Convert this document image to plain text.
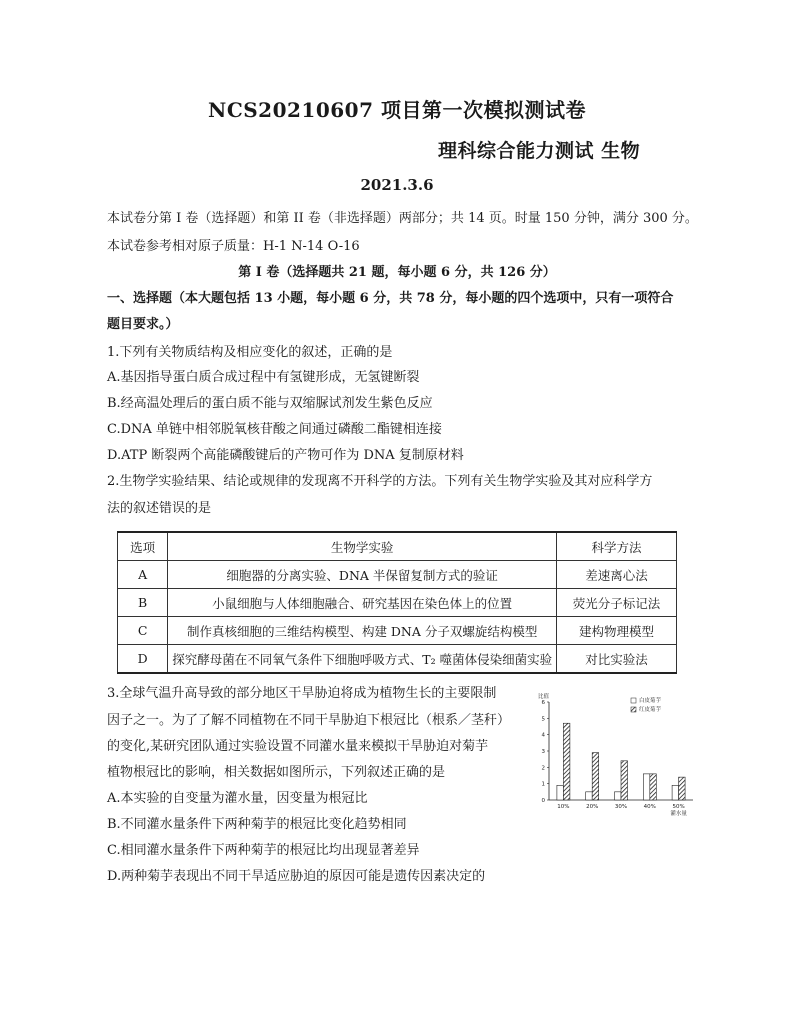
NCS20210607 项目第一次模拟测试卷
理科综合能力测试 生物
2021.3.6
本试卷分第 I 卷（选择题）和第 II 卷（非选择题）两部分；共 14 页。时量 150 分钟，满分 300 分。
本试卷参考相对原子质量：H-1 N-14 O-16
第 I 卷（选择题共 21 题，每小题 6 分，共 126 分）
一、选择题（本大题包括 13 小题，每小题 6 分，共 78 分，每小题的四个选项中，只有一项符合
题目要求。）
1.下列有关物质结构及相应变化的叙述，正确的是
A.基因指导蛋白质合成过程中有氢键形成，无氢键断裂
B.经高温处理后的蛋白质不能与双缩脲试剂发生紫色反应
C.DNA 单链中相邻脱氧核苷酸之间通过磷酸二酯键相连接
D.ATP 断裂两个高能磷酸键后的产物可作为 DNA 复制原材料
2.生物学实验结果、结论或规律的发现离不开科学的方法。下列有关生物学实验及其对应科学方
法的叙述错误的是
选项	生物学实验	科学方法
A	细胞器的分离实验、DNA 半保留复制方式的验证	差速离心法
B	小鼠细胞与人体细胞融合、研究基因在染色体上的位置	荧光分子标记法
C	制作真核细胞的三维结构模型、构建 DNA 分子双螺旋结构模型	建构物理模型
D	探究酵母菌在不同氧气条件下细胞呼吸方式、T₂ 噬菌体侵染细菌实验	对比实验法
3.全球气温升高导致的部分地区干旱胁迫将成为植物生长的主要限制
因子之一。为了了解不同植物在不同干旱胁迫下根冠比（根系／茎秆）
的变化,某研究团队通过实验设置不同灌水量来模拟干旱胁迫对菊芋
植物根冠比的影响，相关数据如图所示，下列叙述正确的是
A.本实验的自变量为灌水量，因变量为根冠比
B.不同灌水量条件下两种菊芋的根冠比变化趋势相同
C.相同灌水量条件下两种菊芋的根冠比均出现显著差异
D.两种菊芋表现出不同干旱适应胁迫的原因可能是遗传因素决定的
0
1
2
3
4
5
6
比值
10%	20%	30%	40%	50%
灌水量
白皮菊芋
红皮菊芋
